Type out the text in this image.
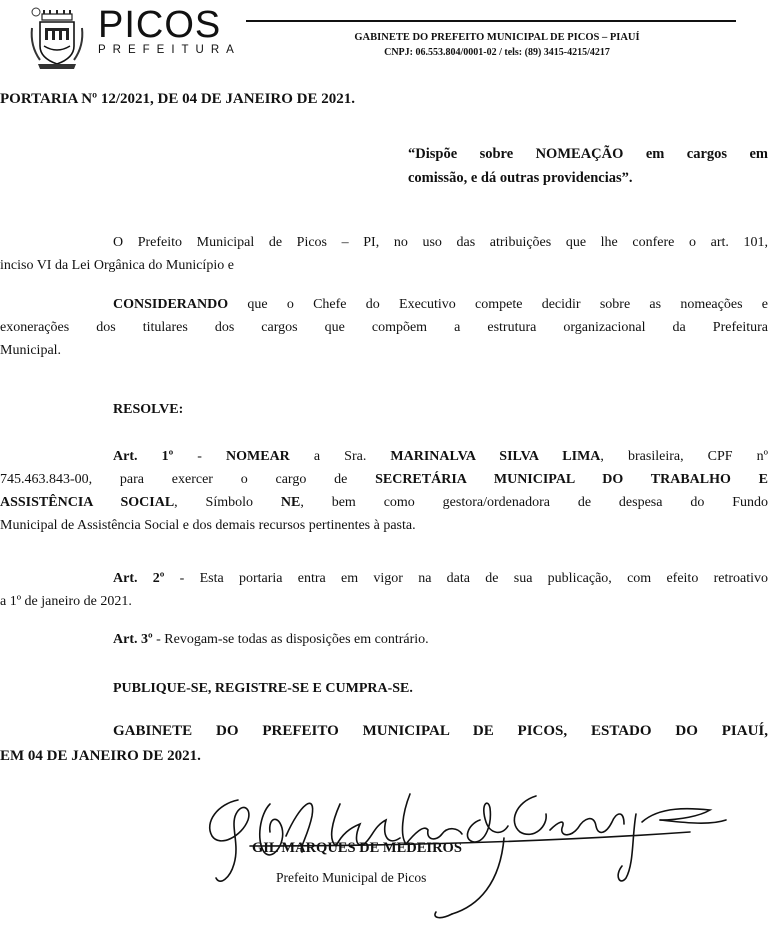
PICOS
PREFEITURA
GABINETE DO PREFEITO MUNICIPAL DE PICOS – PIAUÍ
CNPJ: 06.553.804/0001-02 / tels: (89) 3415-4215/4217

PORTARIA Nº 12/2021, DE 04 DE JANEIRO DE 2021.

“Dispõe sobre NOMEAÇÃO em cargos em
comissão, e dá outras providencias”.

O Prefeito Municipal de Picos – PI, no uso das atribuições que lhe confere o art. 101,
inciso VI da Lei Orgânica do Município e

CONSIDERANDO que o Chefe do Executivo compete decidir sobre as nomeações e
exonerações dos titulares dos cargos que compõem a estrutura organizacional da Prefeitura
Municipal.

RESOLVE:

Art. 1º - NOMEAR a Sra. MARINALVA SILVA LIMA, brasileira, CPF nº
745.463.843-00, para exercer o cargo de SECRETÁRIA MUNICIPAL DO TRABALHO E
ASSISTÊNCIA SOCIAL, Símbolo NE, bem como gestora/ordenadora de despesa do Fundo
Municipal de Assistência Social e dos demais recursos pertinentes à pasta.

Art. 2º - Esta portaria entra em vigor na data de sua publicação, com efeito retroativo
a 1º de janeiro de 2021.

Art. 3º - Revogam-se todas as disposições em contrário.

PUBLIQUE-SE, REGISTRE-SE E CUMPRA-SE.

GABINETE DO PREFEITO MUNICIPAL DE PICOS, ESTADO DO PIAUÍ,
EM 04 DE JANEIRO DE 2021.

GIL MARQUES DE MEDEIROS
Prefeito Municipal de Picos
